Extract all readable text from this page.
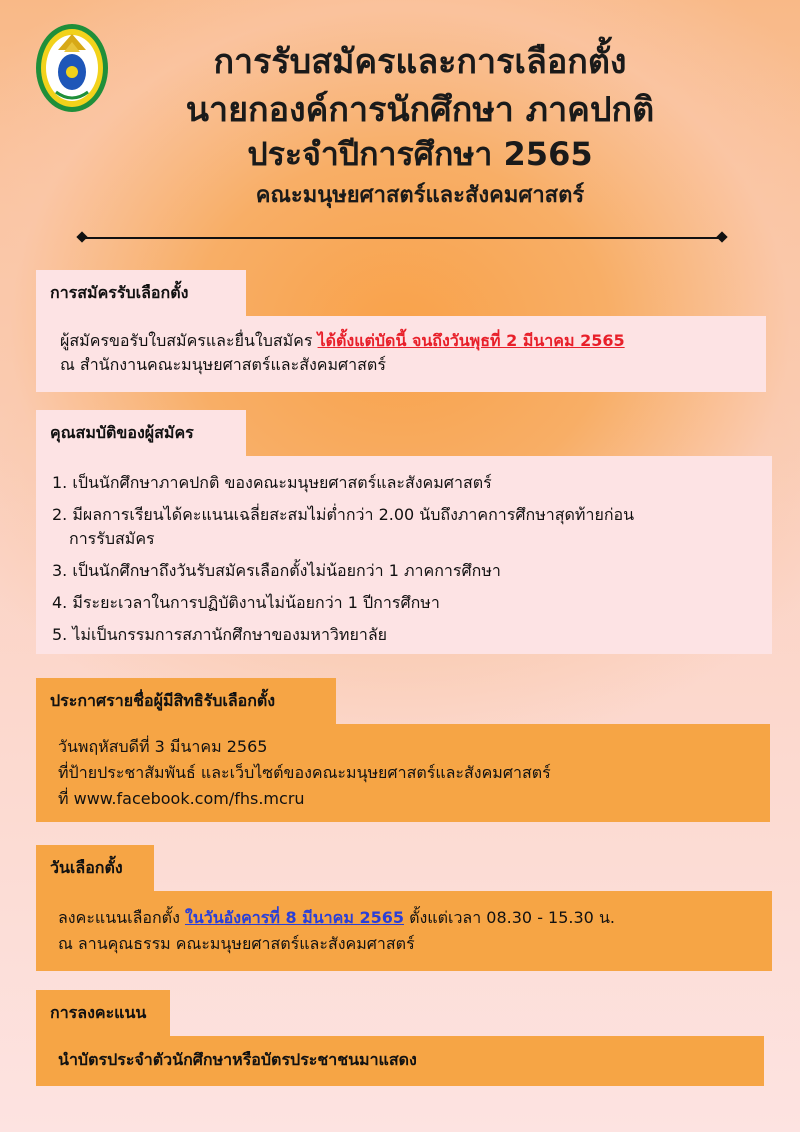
การรับสมัครและการเลือกตั้ง
นายกองค์การนักศึกษา ภาคปกติ
ประจำปีการศึกษา 2565
คณะมนุษยศาสตร์และสังคมศาสตร์
การสมัครรับเลือกตั้ง
ผู้สมัครขอรับใบสมัครและยื่นใบสมัคร ได้ตั้งแต่บัดนี้ จนถึงวันพุธที่ 2 มีนาคม 2565
ณ สำนักงานคณะมนุษยศาสตร์และสังคมศาสตร์
คุณสมบัติของผู้สมัคร
1. เป็นนักศึกษาภาคปกติ ของคณะมนุษยศาสตร์และสังคมศาสตร์
2. มีผลการเรียนได้คะแนนเฉลี่ยสะสมไม่ต่ำกว่า 2.00 นับถึงภาคการศึกษาสุดท้ายก่อน
การรับสมัคร
3. เป็นนักศึกษาถึงวันรับสมัครเลือกตั้งไม่น้อยกว่า 1 ภาคการศึกษา
4. มีระยะเวลาในการปฏิบัติงานไม่น้อยกว่า 1 ปีการศึกษา
5. ไม่เป็นกรรมการสภานักศึกษาของมหาวิทยาลัย
ประกาศรายชื่อผู้มีสิทธิรับเลือกตั้ง
วันพฤหัสบดีที่ 3 มีนาคม 2565
ที่ป้ายประชาสัมพันธ์ และเว็บไซต์ของคณะมนุษยศาสตร์และสังคมศาสตร์
ที่ www.facebook.com/fhs.mcru
วันเลือกตั้ง
ลงคะแนนเลือกตั้ง ในวันอังคารที่ 8 มีนาคม 2565 ตั้งแต่เวลา 08.30 - 15.30 น.
ณ ลานคุณธรรม คณะมนุษยศาสตร์และสังคมศาสตร์
การลงคะแนน
นำบัตรประจำตัวนักศึกษาหรือบัตรประชาชนมาแสดง
